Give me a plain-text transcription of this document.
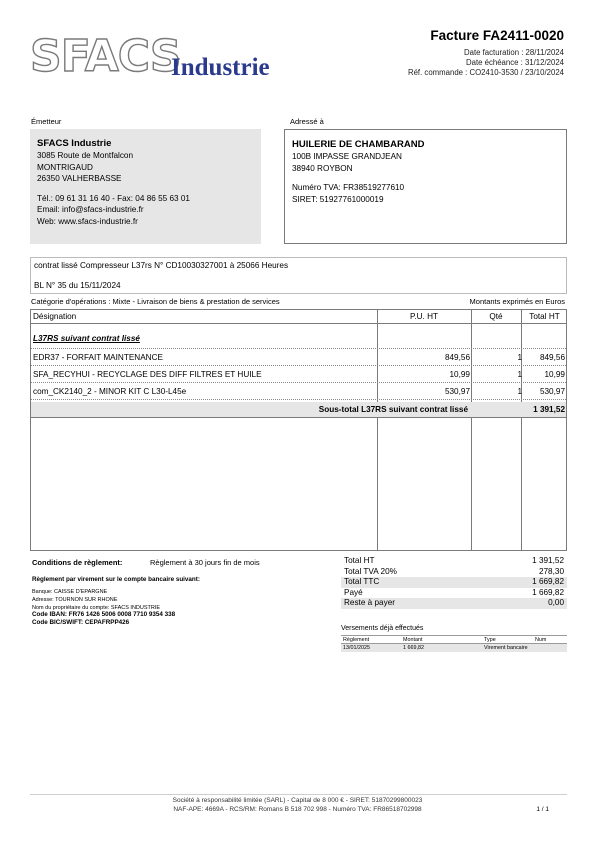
SFACS
Industrie
Facture FA2411-0020
Date facturation : 28/11/2024
Date échéance : 31/12/2024
Réf. commande : CO2410-3530 / 23/10/2024
Émetteur
SFACS Industrie
3085 Route de Montfalcon
MONTRIGAUD
26350 VALHERBASSE
Tél.: 09 61 31 16 40 - Fax: 04 86 55 63 01
Email: info@sfacs-industrie.fr
Web: www.sfacs-industrie.fr
Adressé à
HUILERIE DE CHAMBARAND
100B IMPASSE GRANDJEAN
38940 ROYBON
Numéro TVA: FR38519277610
SIRET: 51927761000019
contrat lissé Compresseur L37rs N° CD10030327001 à 25066 Heures
BL N° 35 du 15/11/2024
Catégorie d'opérations : Mixte - Livraison de biens & prestation de services	Montants exprimés en Euros
Désignation	P.U. HT	Qté	Total HT
L37RS suivant contrat lissé
EDR37 - FORFAIT MAINTENANCE	849,56	1	849,56
SFA_RECYHUI - RECYCLAGE DES DIFF FILTRES ET HUILE	10,99	1	10,99
com_CK2140_2 - MINOR KIT C L30-L45e	530,97	1	530,97
Sous-total L37RS suivant contrat lissé	1 391,52
Conditions de règlement:	Règlement à 30 jours fin de mois
Règlement par virement sur le compte bancaire suivant:
Banque: CAISSE D'EPARGNE
Adresse: TOURNON SUR RHONE
Nom du propriétaire du compte: SFACS INDUSTRIE
Code IBAN: FR76 1426 5006 0008 7710 9354 338
Code BIC/SWIFT: CEPAFRPP426
Total HT	1 391,52
Total TVA 20%	278,30
Total TTC	1 669,82
Payé	1 669,82
Reste à payer	0,00
Versements déjà effectués
Règlement	Montant	Type	Num
13/01/2025	1 669,82	Virement bancaire
Société à responsabilité limitée (SARL) - Capital de 8 000 € - SIRET: 51870299800023
NAF-APE: 4669A - RCS/RM: Romans B 518 702 998 - Numéro TVA: FR86518702998	1 / 1
